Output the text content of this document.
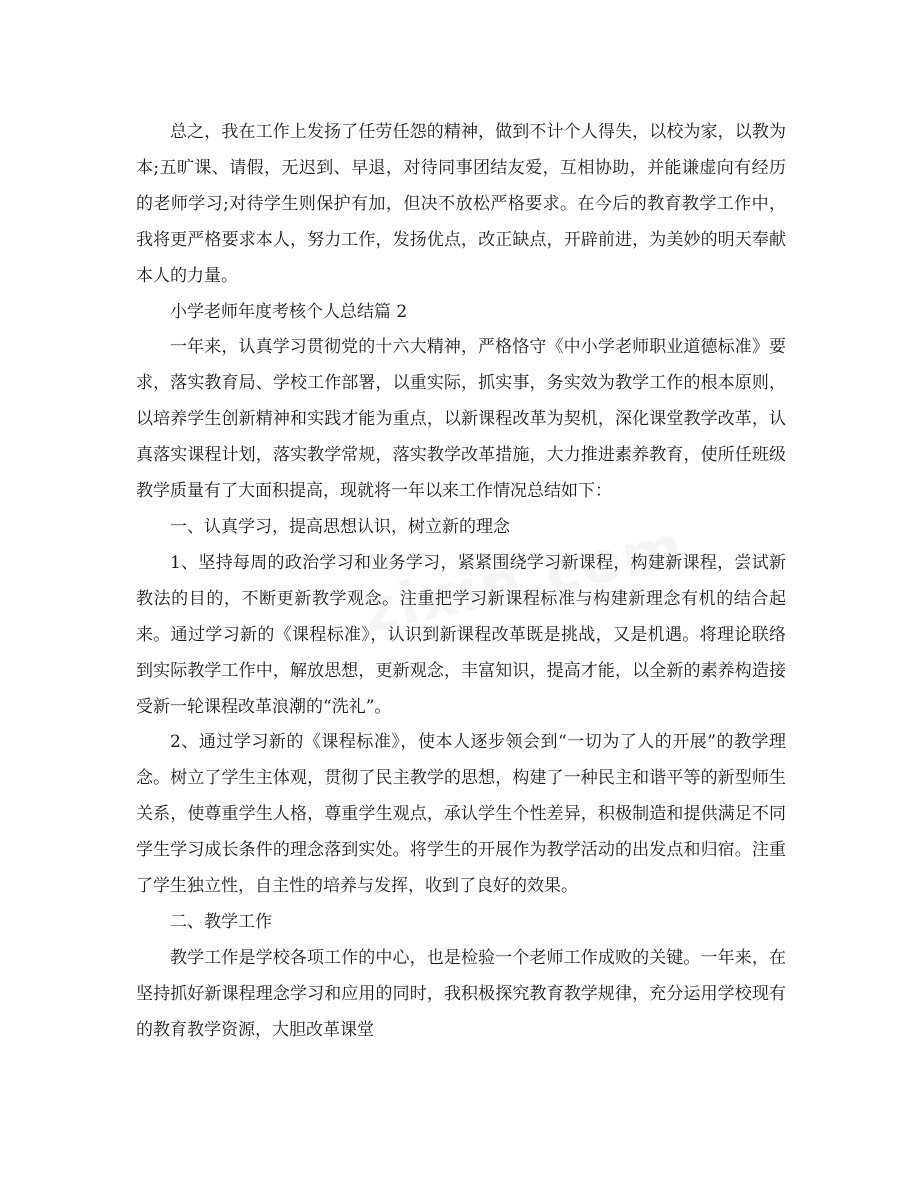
总之，我在工作上发扬了任劳任怨的精神，做到不计个人得失，以校为家，以教为本;五旷课、请假，无迟到、早退，对待同事团结友爱，互相协助，并能谦虚向有经历的老师学习;对待学生则保护有加，但决不放松严格要求。在今后的教育教学工作中，我将更严格要求本人，努力工作，发扬优点，改正缺点，开辟前进，为美妙的明天奉献本人的力量。

小学老师年度考核个人总结篇 2

一年来，认真学习贯彻党的十六大精神，严格恪守《中小学老师职业道德标准》要求，落实教育局、学校工作部署，以重实际，抓实事，务实效为教学工作的根本原则，以培养学生创新精神和实践才能为重点，以新课程改革为契机，深化课堂教学改革，认真落实课程计划，落实教学常规，落实教学改革措施，大力推进素养教育，使所任班级教学质量有了大面积提高，现就将一年以来工作情况总结如下：

一、认真学习，提高思想认识，树立新的理念

1、坚持每周的政治学习和业务学习，紧紧围绕学习新课程，构建新课程，尝试新教法的目的，不断更新教学观念。注重把学习新课程标准与构建新理念有机的结合起来。通过学习新的《课程标准》，认识到新课程改革既是挑战，又是机遇。将理论联络到实际教学工作中，解放思想，更新观念，丰富知识，提高才能，以全新的素养构造接受新一轮课程改革浪潮的“洗礼”。

2、通过学习新的《课程标准》，使本人逐步领会到“一切为了人的开展”的教学理念。树立了学生主体观，贯彻了民主教学的思想，构建了一种民主和谐平等的新型师生关系，使尊重学生人格，尊重学生观点，承认学生个性差异，积极制造和提供满足不同学生学习成长条件的理念落到实处。将学生的开展作为教学活动的出发点和归宿。注重了学生独立性，自主性的培养与发挥，收到了良好的效果。

二、教学工作

教学工作是学校各项工作的中心，也是检验一个老师工作成败的关键。一年来，在坚持抓好新课程理念学习和应用的同时，我积极探究教育教学规律，充分运用学校现有的教育教学资源，大胆改革课堂
